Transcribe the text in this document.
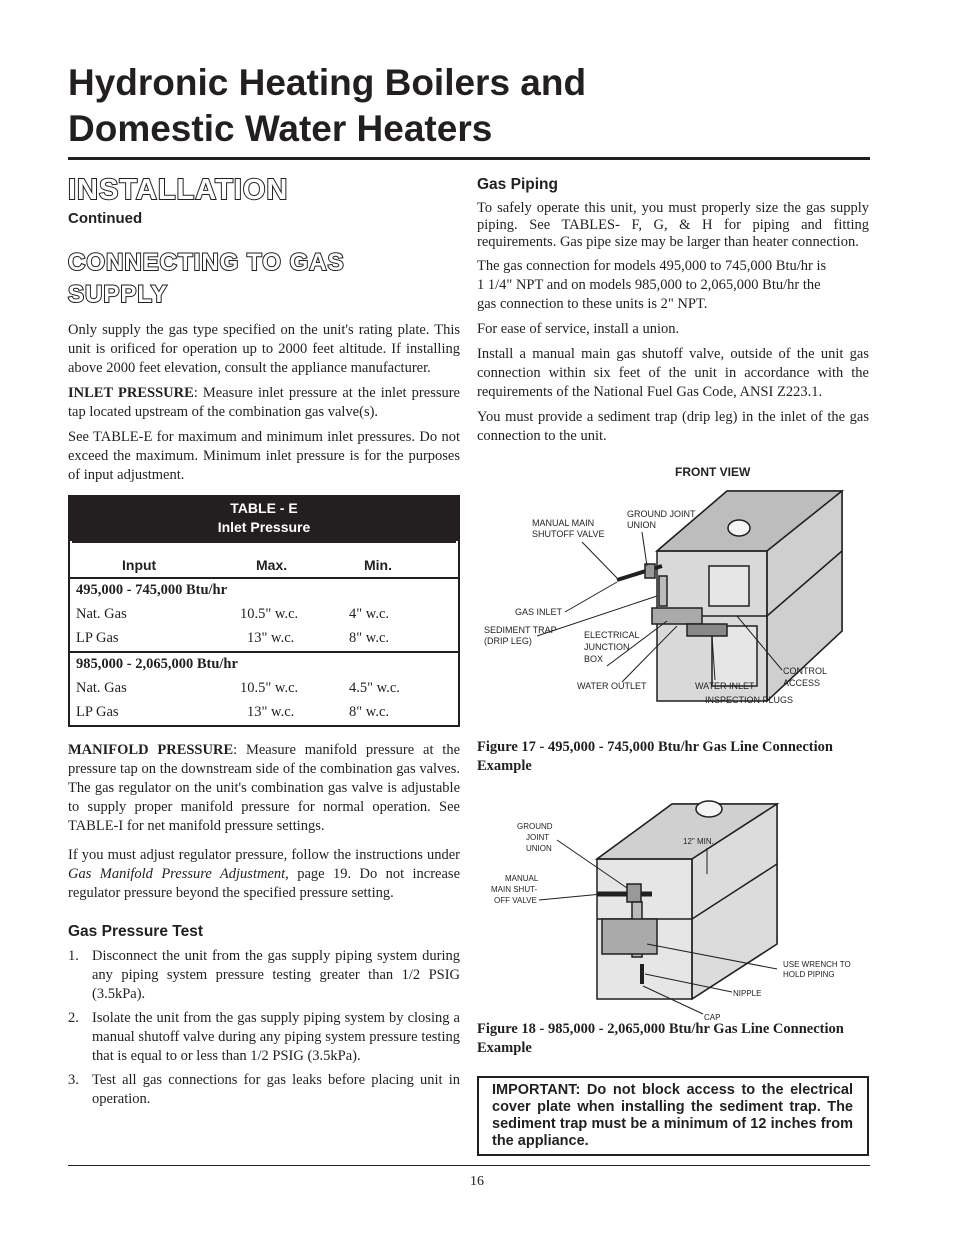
Hydronic Heating Boilers and
Domestic Water Heaters
INSTALLATION

Continued

CONNECTING TO GAS
SUPPLY

Only supply the gas type specified on the unit's rating plate. This unit is orificed for operation up to 2000 feet altitude. If installing above 2000 feet elevation, consult the appliance manufacturer.

INLET PRESSURE: Measure inlet pressure at the inlet pressure tap located upstream of the combination gas valve(s).

See TABLE-E for maximum and minimum inlet pressures. Do not exceed the maximum. Minimum inlet pressure is for the purposes of input adjustment.

TABLE - E
Inlet Pressure
Input	Max.	Min.
495,000 - 745,000 Btu/hr
Nat. Gas	10.5" w.c.	4" w.c.
LP Gas	13" w.c.	8" w.c.
985,000 - 2,065,000 Btu/hr
Nat. Gas	10.5" w.c.	4.5" w.c.
LP Gas	13" w.c.	8" w.c.

MANIFOLD PRESSURE: Measure manifold pressure at the pressure tap on the downstream side of the combination gas valves. The gas regulator on the unit's combination gas valve is adjustable to supply proper manifold pressure for normal operation. See TABLE-I for net manifold pressure settings.

If you must adjust regulator pressure, follow the instructions under Gas Manifold Pressure Adjustment, page 19. Do not increase regulator pressure beyond the specified pressure setting.

Gas Pressure Test
1. Disconnect the unit from the gas supply piping system during any piping system pressure testing greater than 1/2 PSIG (3.5kPa).
2. Isolate the unit from the gas supply piping system by closing a manual shutoff valve during any piping system pressure testing that is equal to or less than 1/2 PSIG (3.5kPa).
3. Test all gas connections for gas leaks before placing unit in operation.
Gas Piping

To safely operate this unit, you must properly size the gas supply piping. See TABLES- F, G, & H for piping and fitting requirements. Gas pipe size may be larger than heater connection.

The gas connection for models 495,000 to 745,000 Btu/hr is
1 1/4" NPT and on models 985,000 to 2,065,000 Btu/hr the
gas connection to these units is 2" NPT.

For ease of service, install a union.

Install a manual main gas shutoff valve, outside of the unit gas connection within six feet of the unit in accordance with the requirements of the National Fuel Gas Code, ANSI Z223.1.

You must provide a sediment trap (drip leg) in the inlet of the gas connection to the unit.

FRONT VIEW
MANUAL MAIN
SHUTOFF VALVE
GROUND JOINT
UNION
GAS INLET
SEDIMENT TRAP
(DRIP LEG)
ELECTRICAL
JUNCTION
BOX
WATER OUTLET	WATER INLET
INSPECTION PLUGS
CONTROL
ACCESS

Figure 17 - 495,000 - 745,000 Btu/hr Gas Line Connection Example

GROUND
JOINT
UNION
12" MIN.
MANUAL
MAIN SHUT-
OFF VALVE
USE WRENCH TO
HOLD PIPING
NIPPLE
CAP

Figure 18 - 985,000 - 2,065,000 Btu/hr Gas Line Connection Example

IMPORTANT: Do not block access to the electrical cover plate when installing the sediment trap. The sediment trap must be a minimum of 12 inches from the appliance.
16
